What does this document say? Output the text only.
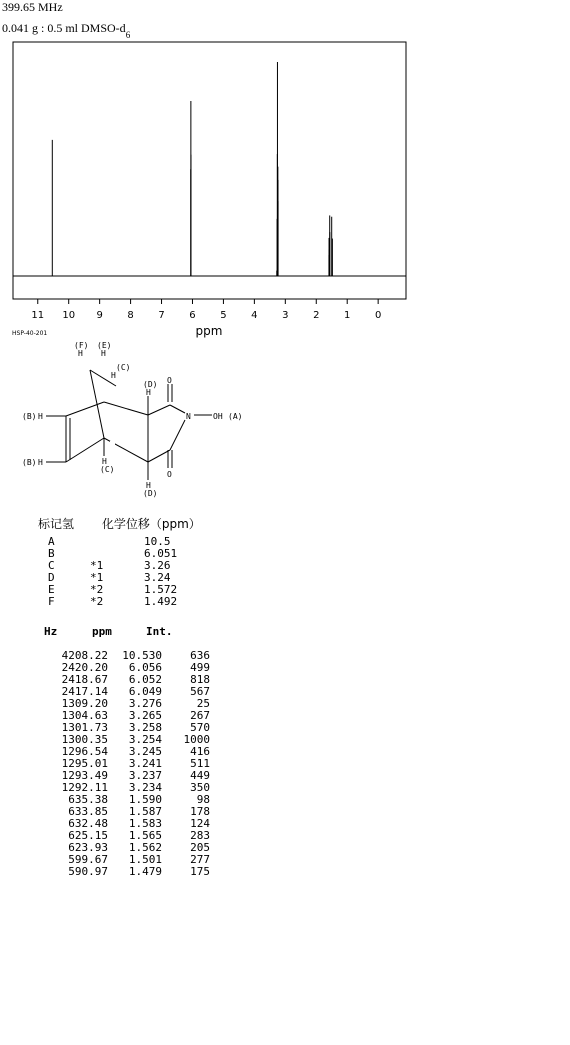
399.65 MHz
0.041 g : 0.5 ml DMSO-$d_6$
11 10 9 8 7 6 5 4 3 2 1 0
ppm
HSP-40-201
(F) (E)
H H
(C)
H
(D)
H
O
N	OH (A)
(B) H
(B) H	H
(C)
O
H
(D)
标记氢 化学位移（ppm）
A	10.5
B	6.051
C	*1	3.26
D	*1	3.24
E	*2	1.572
F	*2	1.492
Hz	ppm	Int.
4208.22 10.530	636
2420.20 6.056	499
2418.67 6.052	818
2417.14 6.049	567
1309.20 3.276	25
1304.63 3.265	267
1301.73 3.258	570
1300.35 3.254 1000
1296.54 3.245	416
1295.01 3.241	511
1293.49 3.237	449
1292.11 3.234	350
635.38 1.590	98
633.85 1.587	178
632.48 1.583	124
625.15 1.565	283
623.93 1.562	205
599.67 1.501	277
590.97 1.479	175
